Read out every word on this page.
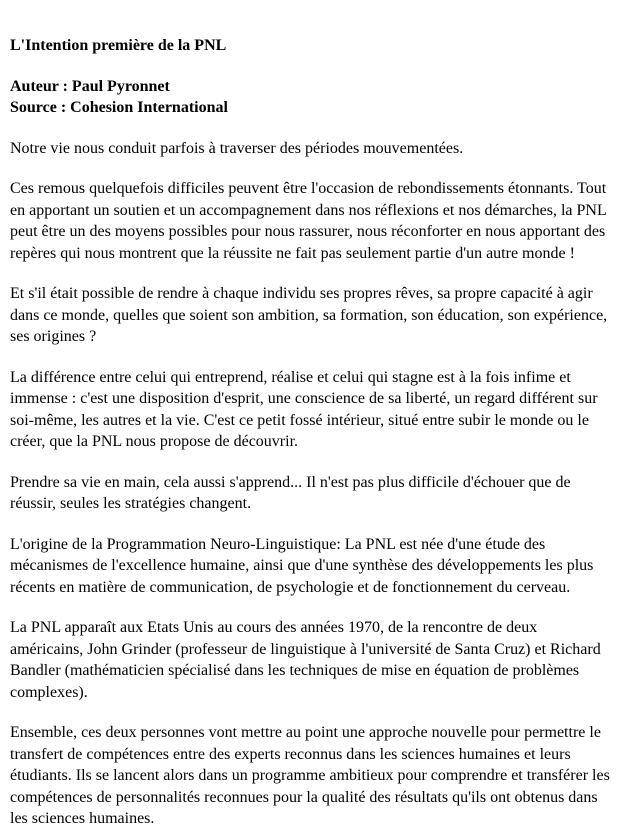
L'Intention première de la PNL

Auteur : Paul Pyronnet
Source : Cohesion International

Notre vie nous conduit parfois à traverser des périodes mouvementées.

Ces remous quelquefois difficiles peuvent être l'occasion de rebondissements étonnants. Tout en apportant un soutien et un accompagnement dans nos réflexions et nos démarches, la PNL peut être un des moyens possibles pour nous rassurer, nous réconforter en nous apportant des repères qui nous montrent que la réussite ne fait pas seulement partie d'un autre monde !

Et s'il était possible de rendre à chaque individu ses propres rêves, sa propre capacité à agir dans ce monde, quelles que soient son ambition, sa formation, son éducation, son expérience, ses origines ?

La différence entre celui qui entreprend, réalise et celui qui stagne est à la fois infime et immense : c'est une disposition d'esprit, une conscience de sa liberté, un regard différent sur soi-même, les autres et la vie. C'est ce petit fossé intérieur, situé entre subir le monde ou le créer, que la PNL nous propose de découvrir.

Prendre sa vie en main, cela aussi s'apprend... Il n'est pas plus difficile d'échouer que de réussir, seules les stratégies changent.

L'origine de la Programmation Neuro-Linguistique: La PNL est née d'une étude des mécanismes de l'excellence humaine, ainsi que d'une synthèse des développements les plus récents en matière de communication, de psychologie et de fonctionnement du cerveau.

La PNL apparaît aux Etats Unis au cours des années 1970, de la rencontre de deux américains, John Grinder (professeur de linguistique à l'université de Santa Cruz) et Richard Bandler (mathématicien spécialisé dans les techniques de mise en équation de problèmes complexes).

Ensemble, ces deux personnes vont mettre au point une approche nouvelle pour permettre le transfert de compétences entre des experts reconnus dans les sciences humaines et leurs étudiants. Ils se lancent alors dans un programme ambitieux pour comprendre et transférer les compétences de personnalités reconnues pour la qualité des résultats qu'ils ont obtenus dans les sciences humaines.
